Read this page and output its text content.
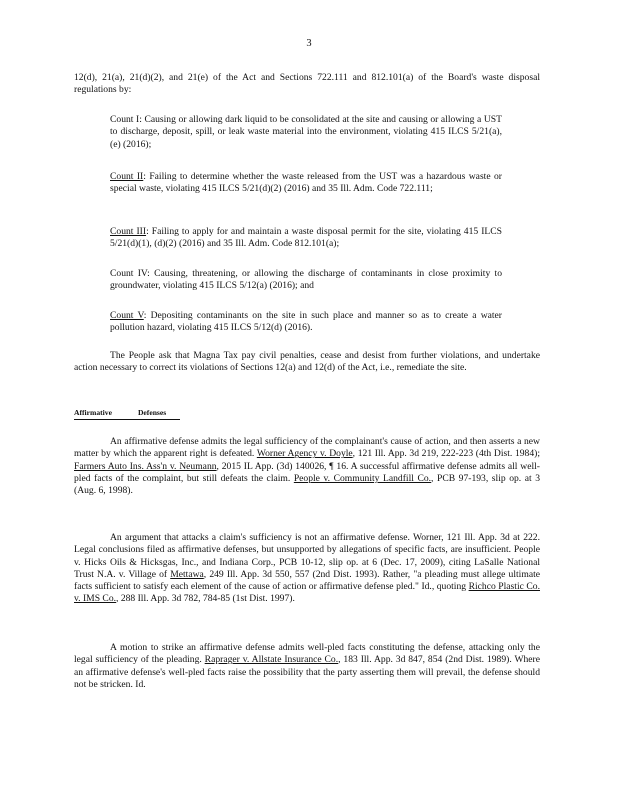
3

12(d), 21(a), 21(d)(2), and 21(e) of the Act and Sections 722.111 and 812.101(a) of the Board's waste disposal regulations by:

Count I: Causing or allowing dark liquid to be consolidated at the site and causing or allowing a UST to discharge, deposit, spill, or leak waste material into the environment, violating 415 ILCS 5/21(a), (e) (2016);

Count II: Failing to determine whether the waste released from the UST was a hazardous waste or special waste, violating 415 ILCS 5/21(d)(2) (2016) and 35 Ill. Adm. Code 722.111;

Count III: Failing to apply for and maintain a waste disposal permit for the site, violating 415 ILCS 5/21(d)(1), (d)(2) (2016) and 35 Ill. Adm. Code 812.101(a);

Count IV: Causing, threatening, or allowing the discharge of contaminants in close proximity to groundwater, violating 415 ILCS 5/12(a) (2016); and

Count V: Depositing contaminants on the site in such place and manner so as to create a water pollution hazard, violating 415 ILCS 5/12(d) (2016).

The People ask that Magna Tax pay civil penalties, cease and desist from further violations, and undertake action necessary to correct its violations of Sections 12(a) and 12(d) of the Act, i.e., remediate the site.

Affirmative	Defenses

An affirmative defense admits the legal sufficiency of the complainant's cause of action, and then asserts a new matter by which the apparent right is defeated. Worner Agency v. Doyle, 121 Ill. App. 3d 219, 222-223 (4th Dist. 1984); Farmers Auto Ins. Ass'n v. Neumann, 2015 IL App. (3d) 140026, ¶ 16. A successful affirmative defense admits all well-pled facts of the complaint, but still defeats the claim. People v. Community Landfill Co., PCB 97-193, slip op. at 3 (Aug. 6, 1998).

An argument that attacks a claim's sufficiency is not an affirmative defense. Worner, 121 Ill. App. 3d at 222. Legal conclusions filed as affirmative defenses, but unsupported by allegations of specific facts, are insufficient. People v. Hicks Oils & Hicksgas, Inc., and Indiana Corp., PCB 10-12, slip op. at 6 (Dec. 17, 2009), citing LaSalle National Trust N.A. v. Village of Mettawa, 249 Ill. App. 3d 550, 557 (2nd Dist. 1993). Rather, "a pleading must allege ultimate facts sufficient to satisfy each element of the cause of action or affirmative defense pled." Id., quoting Richco Plastic Co. v. IMS Co., 288 Ill. App. 3d 782, 784-85 (1st Dist. 1997).

A motion to strike an affirmative defense admits well-pled facts constituting the defense, attacking only the legal sufficiency of the pleading. Raprager v. Allstate Insurance Co., 183 Ill. App. 3d 847, 854 (2nd Dist. 1989). Where an affirmative defense's well-pled facts raise the possibility that the party asserting them will prevail, the defense should not be stricken. Id.
